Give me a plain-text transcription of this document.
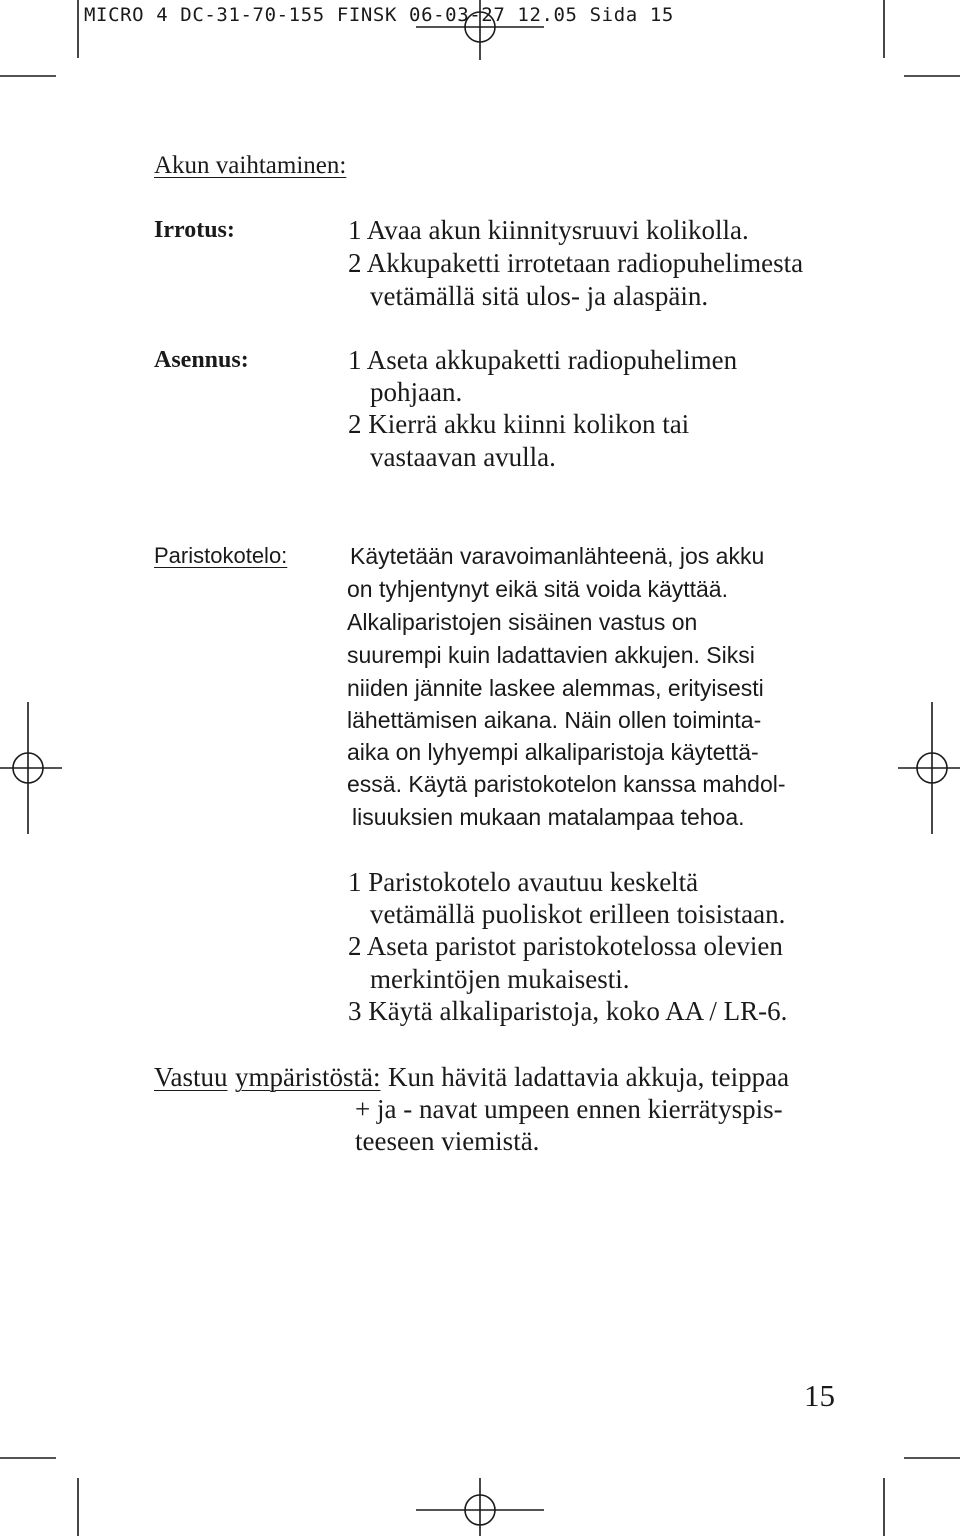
MICRO 4 DC-31-70-155 FINSK 06-03-27 12.05 Sida 15
Akun vaihtaminen:
Irrotus:	1 Avaa akun kiinnitysruuvi kolikolla.
2 Akkupaketti irrotetaan radiopuhelimesta
vetämällä sitä ulos- ja alaspäin.
Asennus:	1 Aseta akkupaketti radiopuhelimen
pohjaan.
2 Kierrä akku kiinni kolikon tai
vastaavan avulla.
Paristokotelo:	Käytetään varavoimanlähteenä, jos akku
on tyhjentynyt eikä sitä voida käyttää.
Alkaliparistojen sisäinen vastus on
suurempi kuin ladattavien akkujen. Siksi
niiden jännite laskee alemmas, erityisesti
lähettämisen aikana. Näin ollen toiminta-
aika on lyhyempi alkaliparistoja käytettä-
essä. Käytä paristokotelon kanssa mahdol-
lisuuksien mukaan matalampaa tehoa.
1 Paristokotelo avautuu keskeltä
vetämällä puoliskot erilleen toisistaan.
2 Aseta paristot paristokotelossa olevien
merkintöjen mukaisesti.
3 Käytä alkaliparistoja, koko AA / LR-6.
Vastuu ympäristöstä: Kun hävitä ladattavia akkuja, teippaa
+ ja - navat umpeen ennen kierrätyspis-
teeseen viemistä.
15
